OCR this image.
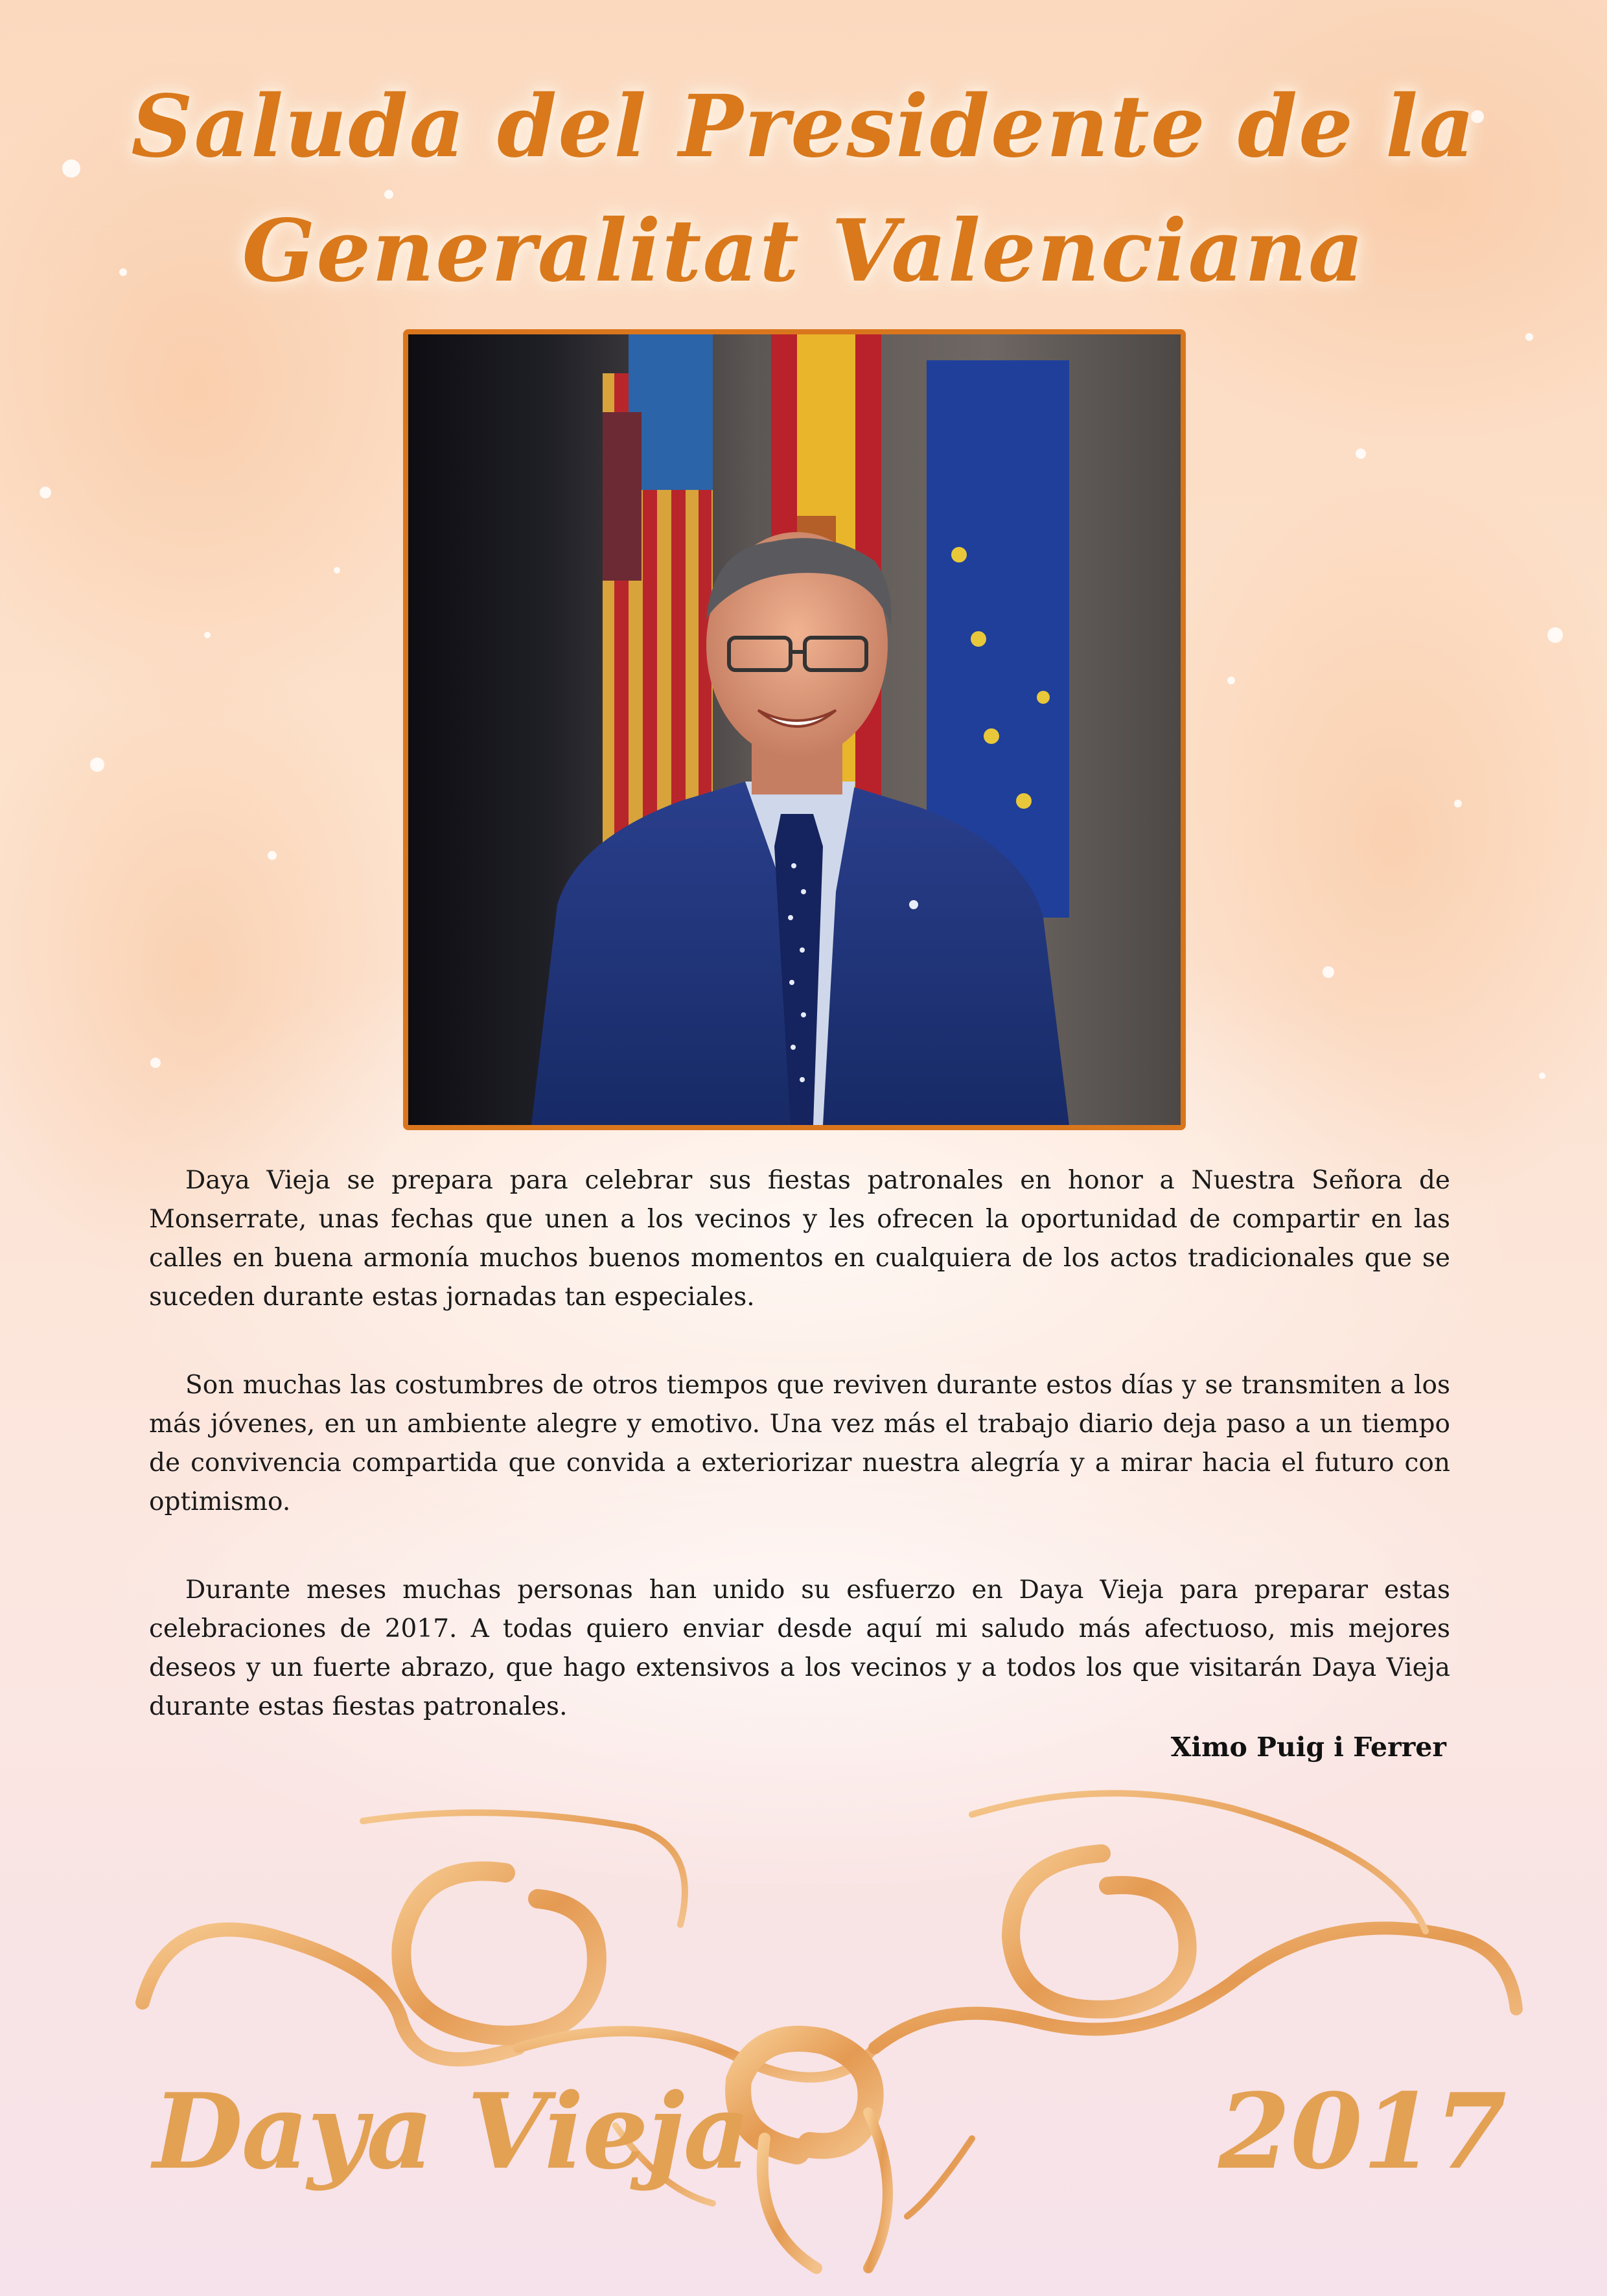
Saluda del Presidente de la
Generalitat Valenciana

Daya Vieja se prepara para celebrar sus fiestas patronales en honor a Nuestra Señora de Monserrate, unas fechas que unen a los vecinos y les ofrecen la oportunidad de compartir en las calles en buena armonía muchos buenos momentos en cualquiera de los actos tradicionales que se suceden durante estas jornadas tan especiales.

Son muchas las costumbres de otros tiempos que reviven durante estos días y se transmiten a los más jóvenes, en un ambiente alegre y emotivo. Una vez más el trabajo diario deja paso a un tiempo de convivencia compartida que convida a exteriorizar nuestra alegría y a mirar hacia el futuro con optimismo.

Durante meses muchas personas han unido su esfuerzo en Daya Vieja para preparar estas celebraciones de 2017. A todas quiero enviar desde aquí mi saludo más afectuoso, mis mejores deseos y un fuerte abrazo, que hago extensivos a los vecinos y a todos los que visitarán Daya Vieja durante estas fiestas patronales.

Ximo Puig i Ferrer
Daya Vieja	2017
